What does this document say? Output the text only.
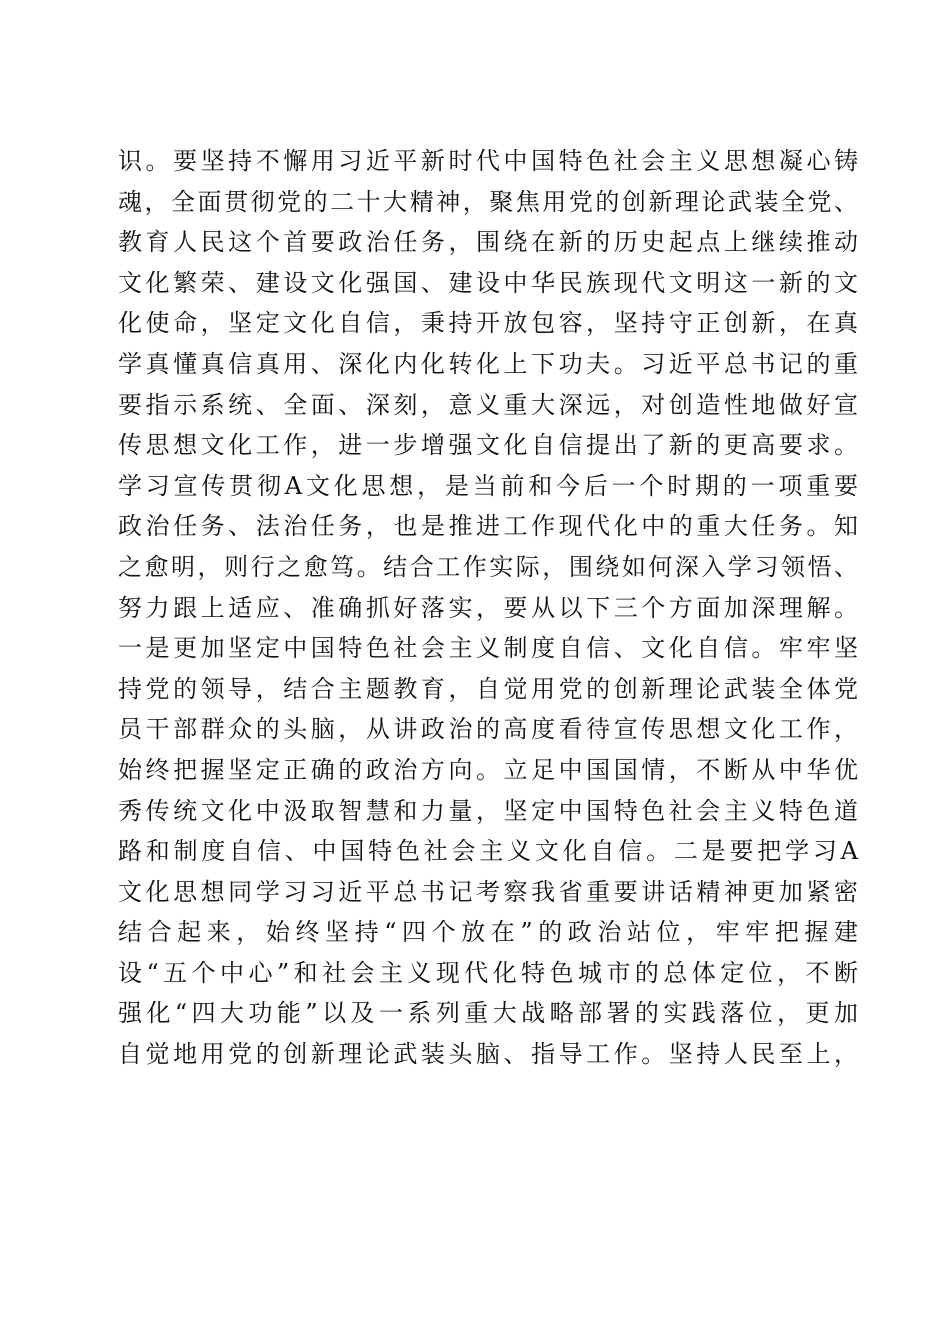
识。要坚持不懈用习近平新时代中国特色社会主义思想凝心铸
魂，全面贯彻党的二十大精神，聚焦用党的创新理论武装全党、
教育人民这个首要政治任务，围绕在新的历史起点上继续推动
文化繁荣、建设文化强国、建设中华民族现代文明这一新的文
化使命，坚定文化自信，秉持开放包容，坚持守正创新，在真
学真懂真信真用、深化内化转化上下功夫。习近平总书记的重
要指示系统、全面、深刻，意义重大深远，对创造性地做好宣
传思想文化工作，进一步增强文化自信提出了新的更高要求。
学习宣传贯彻A文化思想，是当前和今后一个时期的一项重要
政治任务、法治任务，也是推进工作现代化中的重大任务。知
之愈明，则行之愈笃。结合工作实际，围绕如何深入学习领悟、
努力跟上适应、准确抓好落实，要从以下三个方面加深理解。
一是更加坚定中国特色社会主义制度自信、文化自信。牢牢坚
持党的领导，结合主题教育，自觉用党的创新理论武装全体党
员干部群众的头脑，从讲政治的高度看待宣传思想文化工作，
始终把握坚定正确的政治方向。立足中国国情，不断从中华优
秀传统文化中汲取智慧和力量，坚定中国特色社会主义特色道
路和制度自信、中国特色社会主义文化自信。二是要把学习A
文化思想同学习习近平总书记考察我省重要讲话精神更加紧密
结合起来，始终坚持“四个放在”的政治站位，牢牢把握建
设“五个中心”和社会主义现代化特色城市的总体定位，不断
强化“四大功能”以及一系列重大战略部署的实践落位，更加
自觉地用党的创新理论武装头脑、指导工作。坚持人民至上，
